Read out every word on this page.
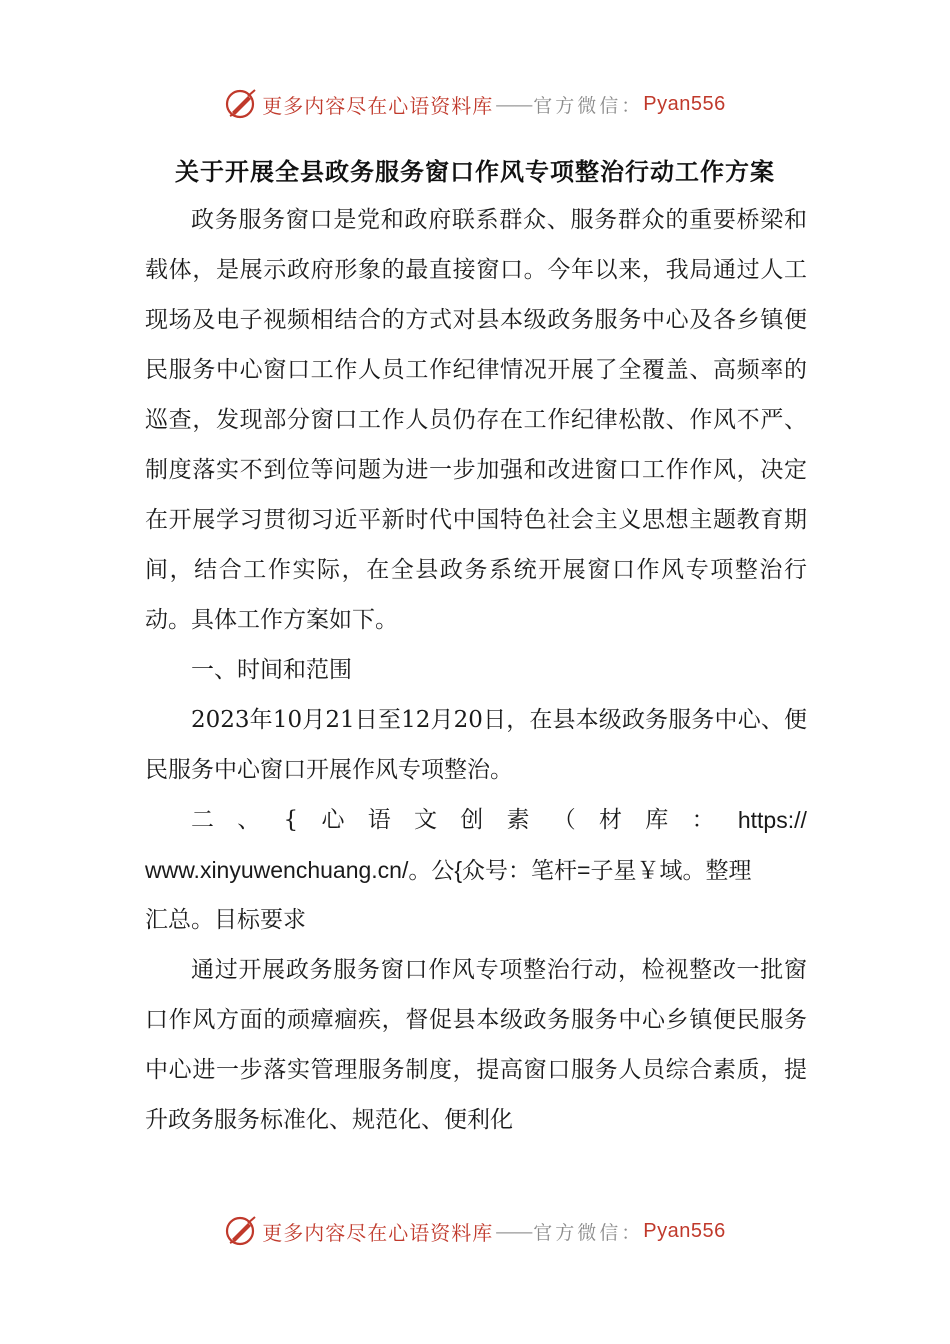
更多内容尽在心语资料库 —— 官方微信： Pyan556
关于开展全县政务服务窗口作风专项整治行动工作方案

政务服务窗口是党和政府联系群众、服务群众的重要桥梁和载体，是展示政府形象的最直接窗口。今年以来，我局通过人工现场及电子视频相结合的方式对县本级政务服务中心及各乡镇便民服务中心窗口工作人员工作纪律情况开展了全覆盖、高频率的巡查，发现部分窗口工作人员仍存在工作纪律松散、作风不严、制度落实不到位等问题为进一步加强和改进窗口工作作风，决定在开展学习贯彻习近平新时代中国特色社会主义思想主题教育期间，结合工作实际，在全县政务系统开展窗口作风专项整治行动。具体工作方案如下。

一、时间和范围

2023年10月21日至12月20日，在县本级政务服务中心、便民服务中心窗口开展作风专项整治。

二 、 { 心 语 文 创 素 （ 材 库 ： https://

www.xinyuwenchuang.cn/。公{众号：笔杆=子星￥域。整理

汇总。目标要求

通过开展政务服务窗口作风专项整治行动，检视整改一批窗口作风方面的顽瘴痼疾，督促县本级政务服务中心乡镇便民服务中心进一步落实管理服务制度，提高窗口服务人员综合素质，提升政务服务标准化、规范化、便利化

更多内容尽在心语资料库 —— 官方微信： Pyan556
